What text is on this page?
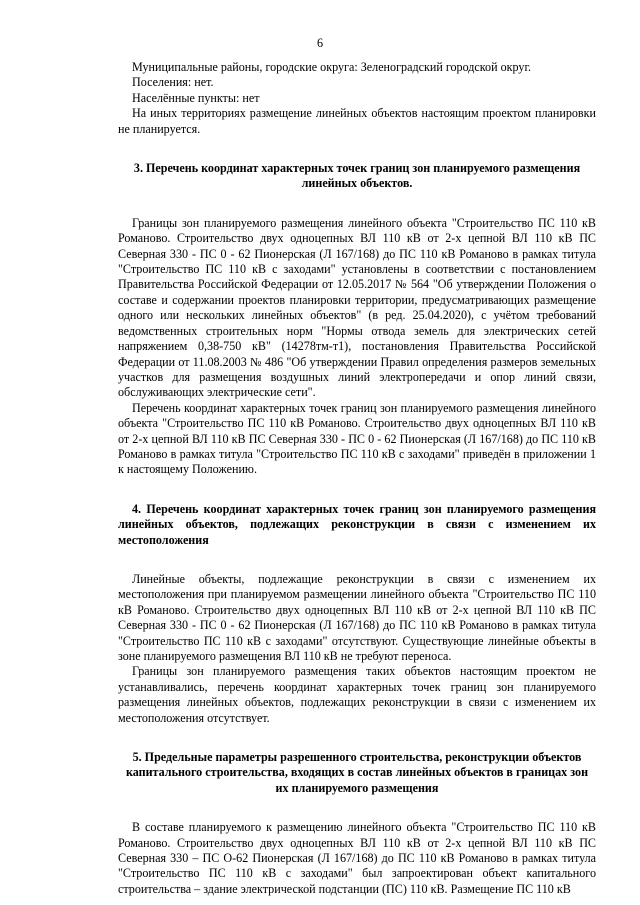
6

Муниципальные районы, городские округа: Зеленоградский городской округ.

Поселения: нет.

Населённые пункты: нет

На иных территориях размещение линейных объектов настоящим проектом планировки не планируется.

3. Перечень координат характерных точек границ зон планируемого размещения линейных объектов.

Границы зон планируемого размещения линейного объекта "Строительство ПС 110 кВ Романово. Строительство двух одноцепных ВЛ 110 кВ от 2-х цепной ВЛ 110 кВ ПС Северная 330 - ПС 0 - 62 Пионерская (Л 167/168) до ПС 110 кВ Романово в рамках титула "Строительство ПС 110 кВ с заходами" установлены в соответствии с постановлением Правительства Российской Федерации от 12.05.2017 № 564 "Об утверждении Положения о составе и содержании проектов планировки территории, предусматривающих размещение одного или нескольких линейных объектов" (в ред. 25.04.2020), с учётом требований ведомственных строительных норм "Нормы отвода земель для электрических сетей напряжением 0,38-750 кВ" (14278тм-т1), постановления Правительства Российской Федерации от 11.08.2003 № 486 "Об утверждении Правил определения размеров земельных участков для размещения воздушных линий электропередачи и опор линий связи, обслуживающих электрические сети".

Перечень координат характерных точек границ зон планируемого размещения линейного объекта "Строительство ПС 110 кВ Романово. Строительство двух одноцепных ВЛ 110 кВ от 2-х цепной ВЛ 110 кВ ПС Северная 330 - ПС 0 - 62 Пионерская (Л 167/168) до ПС 110 кВ Романово в рамках титула "Строительство ПС 110 кВ с заходами" приведён в приложении 1 к настоящему Положению.

4. Перечень координат характерных точек границ зон планируемого размещения линейных объектов, подлежащих реконструкции в связи с изменением их местоположения

Линейные объекты, подлежащие реконструкции в связи с изменением их местоположения при планируемом размещении линейного объекта "Строительство ПС 110 кВ Романово. Строительство двух одноцепных ВЛ 110 кВ от 2-х цепной ВЛ 110 кВ ПС Северная 330 - ПС 0 - 62 Пионерская (Л 167/168) до ПС 110 кВ Романово в рамках титула "Строительство ПС 110 кВ с заходами" отсутствуют. Существующие линейные объекты в зоне планируемого размещения ВЛ 110 кВ не требуют переноса.

Границы зон планируемого размещения таких объектов настоящим проектом не устанавливались, перечень координат характерных точек границ зон планируемого размещения линейных объектов, подлежащих реконструкции в связи с изменением их местоположения отсутствует.

5. Предельные параметры разрешенного строительства, реконструкции объектов капитального строительства, входящих в состав линейных объектов в границах зон их планируемого размещения

В составе планируемого к размещению линейного объекта "Строительство ПС 110 кВ Романово. Строительство двух одноцепных ВЛ 110 кВ от 2-х цепной ВЛ 110 кВ ПС Северная 330 – ПС О-62 Пионерская (Л 167/168) до ПС 110 кВ Романово в рамках титула "Строительство ПС 110 кВ с заходами" был запроектирован объект капитального строительства – здание электрической подстанции (ПС) 110 кВ. Размещение ПС 110 кВ
